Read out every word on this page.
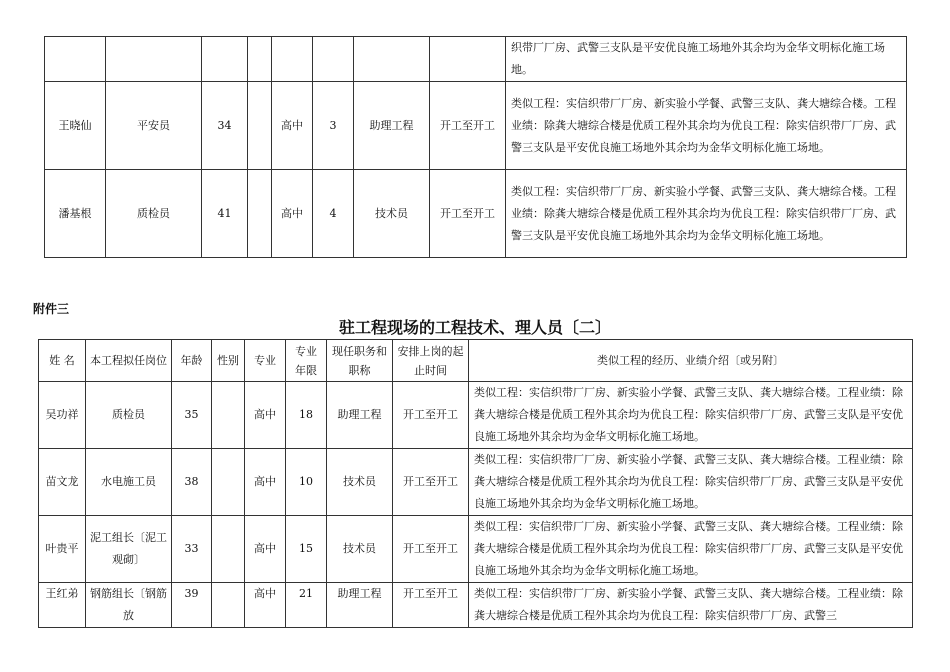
								织带厂厂房、武警三支队是平安优良施工场地外其余均为金华文明标化施工场地。
王晓仙	平安员	34		高中	3	助理工程	开工至开工	类似工程：实信织带厂厂房、新实验小学餐、武警三支队、龚大塘综合楼。工程业绩：除龚大塘综合楼是优质工程外其余均为优良工程：除实信织带厂厂房、武警三支队是平安优良施工场地外其余均为金华文明标化施工场地。
潘基根	质检员	41		高中	4	技术员	开工至开工	类似工程：实信织带厂厂房、新实验小学餐、武警三支队、龚大塘综合楼。工程业绩：除龚大塘综合楼是优质工程外其余均为优良工程：除实信织带厂厂房、武警三支队是平安优良施工场地外其余均为金华文明标化施工场地。
附件三
驻工程现场的工程技术、理人员〔二〕
姓 名	本工程拟任岗位	年龄	性别	专业	专业年限	现任职务和职称	安排上岗的起止时间	类似工程的经历、业绩介绍〔或另附〕
吴功祥	质检员	35		高中	18	助理工程	开工至开工	类似工程：实信织带厂厂房、新实验小学餐、武警三支队、龚大塘综合楼。工程业绩：除龚大塘综合楼是优质工程外其余均为优良工程：除实信织带厂厂房、武警三支队是平安优良施工场地外其余均为金华文明标化施工场地。
苗文龙	水电施工员	38		高中	10	技术员	开工至开工	类似工程：实信织带厂厂房、新实验小学餐、武警三支队、龚大塘综合楼。工程业绩：除龚大塘综合楼是优质工程外其余均为优良工程：除实信织带厂厂房、武警三支队是平安优良施工场地外其余均为金华文明标化施工场地。
叶贵平	泥工组长〔泥工观砌〕	33		高中	15	技术员	开工至开工	类似工程：实信织带厂厂房、新实验小学餐、武警三支队、龚大塘综合楼。工程业绩：除龚大塘综合楼是优质工程外其余均为优良工程：除实信织带厂厂房、武警三支队是平安优良施工场地外其余均为金华文明标化施工场地。
王红弟	钢筋组长〔钢筋放	39		高中	21	助理工程	开工至开工	类似工程：实信织带厂厂房、新实验小学餐、武警三支队、龚大塘综合楼。工程业绩：除龚大塘综合楼是优质工程外其余均为优良工程：除实信织带厂厂房、武警三
